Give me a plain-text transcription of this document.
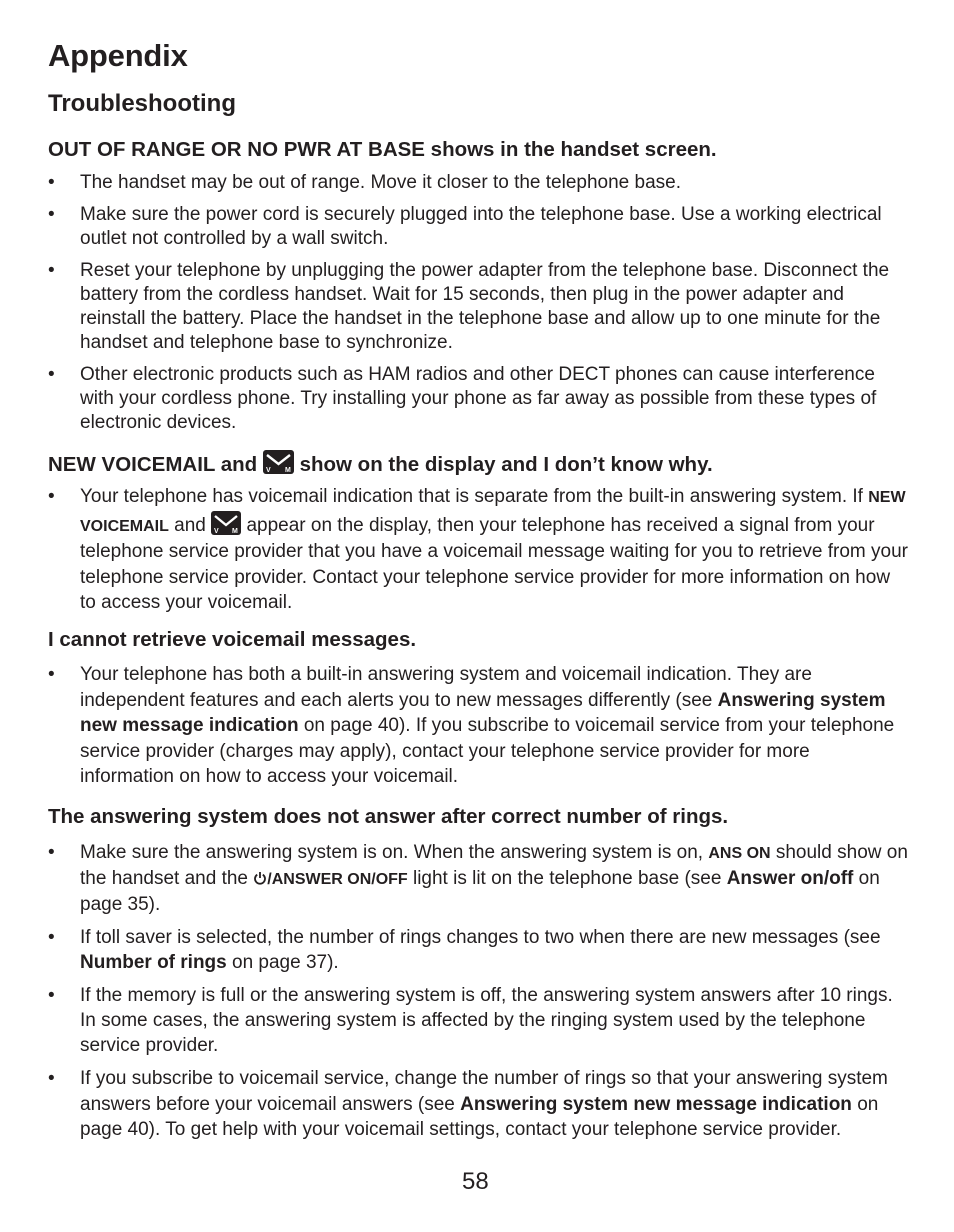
Appendix
Troubleshooting
OUT OF RANGE OR NO PWR AT BASE shows in the handset screen.
• The handset may be out of range. Move it closer to the telephone base.
• Make sure the power cord is securely plugged into the telephone base. Use a working electrical outlet not controlled by a wall switch.
• Reset your telephone by unplugging the power adapter from the telephone base. Disconnect the battery from the cordless handset. Wait for 15 seconds, then plug in the power adapter and reinstall the battery. Place the handset in the telephone base and allow up to one minute for the handset and telephone base to synchronize.
• Other electronic products such as HAM radios and other DECT phones can cause interference with your cordless phone. Try installing your phone as far away as possible from these types of electronic devices.
NEW VOICEMAIL and V M show on the display and I don’t know why.
• Your telephone has voicemail indication that is separate from the built-in answering system. If NEW VOICEMAIL and V M appear on the display, then your telephone has received a signal from your telephone service provider that you have a voicemail message waiting for you to retrieve from your telephone service provider. Contact your telephone service provider for more information on how to access your voicemail.
I cannot retrieve voicemail messages.
• Your telephone has both a built-in answering system and voicemail indication. They are independent features and each alerts you to new messages differently (see Answering system new message indication on page 40). If you subscribe to voicemail service from your telephone service provider (charges may apply), contact your telephone service provider for more information on how to access your voicemail.
The answering system does not answer after correct number of rings.
• Make sure the answering system is on. When the answering system is on, ANS ON should show on the handset and the /ANSWER ON/OFF light is lit on the telephone base (see Answer on/off on page 35).
• If toll saver is selected, the number of rings changes to two when there are new messages (see Number of rings on page 37).
• If the memory is full or the answering system is off, the answering system answers after 10 rings. In some cases, the answering system is affected by the ringing system used by the telephone service provider.
• If you subscribe to voicemail service, change the number of rings so that your answering system answers before your voicemail answers (see Answering system new message indication on page 40). To get help with your voicemail settings, contact your telephone service provider.
58
